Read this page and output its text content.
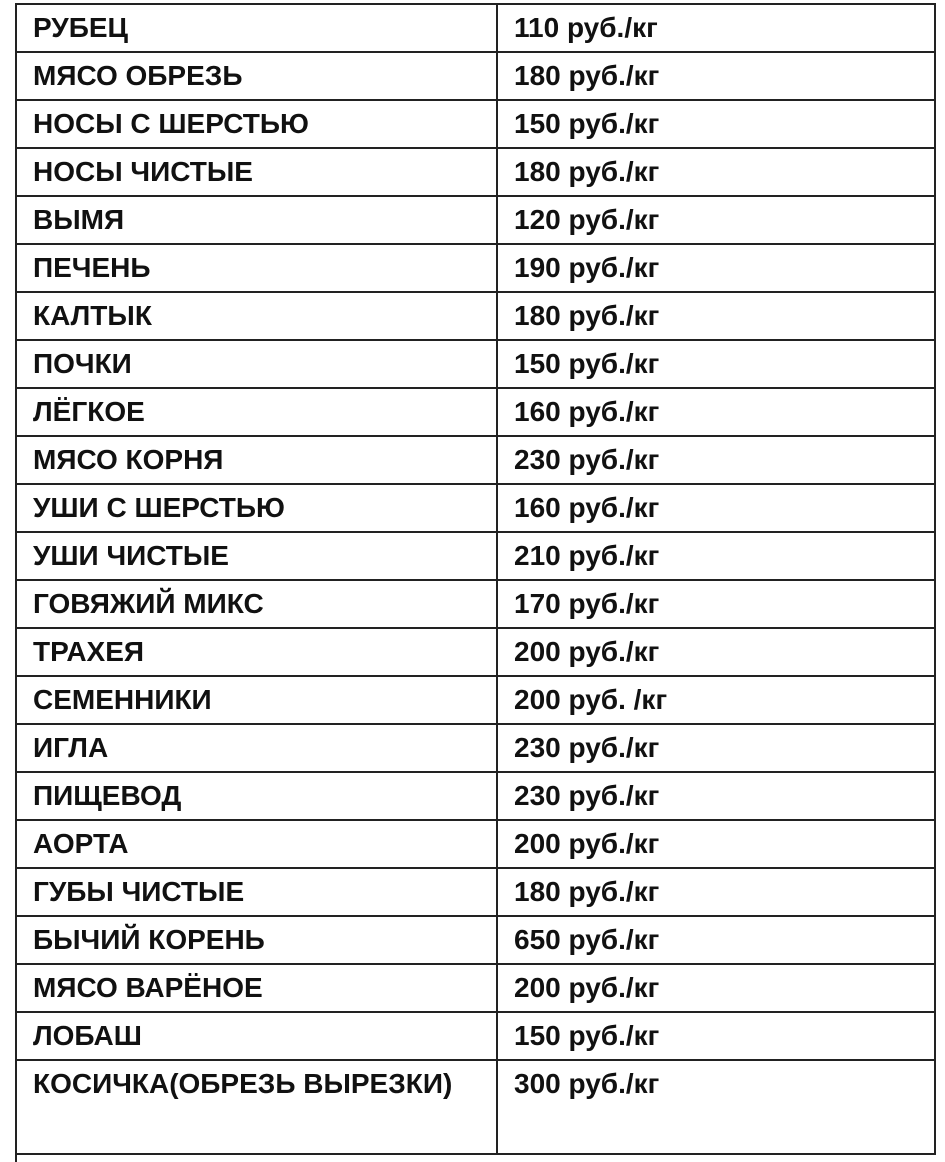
РУБЕЦ	110 руб./кг
МЯСО ОБРЕЗЬ	180 руб./кг
НОСЫ С ШЕРСТЬЮ	150 руб./кг
НОСЫ ЧИСТЫЕ	180 руб./кг
ВЫМЯ	120 руб./кг
ПЕЧЕНЬ	190 руб./кг
КАЛТЫК	180 руб./кг
ПОЧКИ	150 руб./кг
ЛЁГКОЕ	160 руб./кг
МЯСО КОРНЯ	230 руб./кг
УШИ С ШЕРСТЬЮ	160 руб./кг
УШИ ЧИСТЫЕ	210 руб./кг
ГОВЯЖИЙ МИКС	170 руб./кг
ТРАХЕЯ	200 руб./кг
СЕМЕННИКИ	200 руб. /кг
ИГЛА	230 руб./кг
ПИЩЕВОД	230 руб./кг
АОРТА	200 руб./кг
ГУБЫ ЧИСТЫЕ	180 руб./кг
БЫЧИЙ КОРЕНЬ	650 руб./кг
МЯСО ВАРЁНОЕ	200 руб./кг
ЛОБАШ	150 руб./кг
КОСИЧКА(ОБРЕЗЬ ВЫРЕЗКИ)	300 руб./кг
